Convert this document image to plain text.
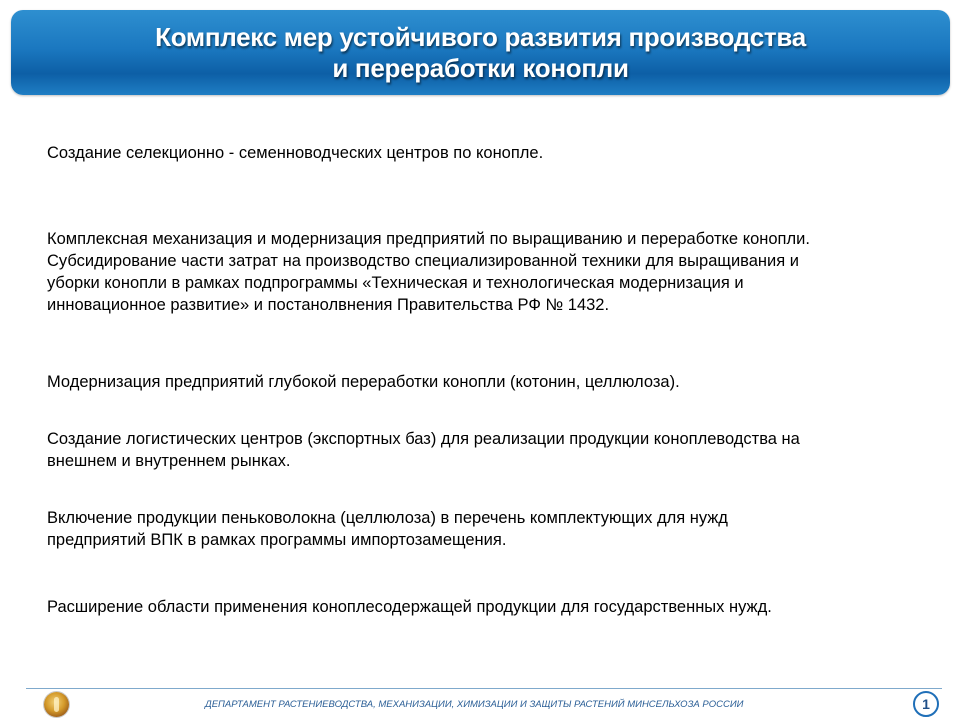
Комплекс мер устойчивого развития производства
и переработки конопли
Создание селекционно - семенноводческих центров по конопле.
Комплексная механизация и модернизация предприятий по выращиванию и переработке конопли.
Субсидирование части затрат на производство специализированной техники для выращивания и
уборки конопли в рамках подпрограммы «Техническая и технологическая модернизация и
инновационное развитие» и постанолвнения Правительства РФ № 1432.
Модернизация предприятий глубокой переработки конопли (котонин, целлюлоза).
Создание логистических центров (экспортных баз) для реализации продукции коноплеводства на
внешнем и внутреннем рынках.
Включение продукции пеньковолокна (целлюлоза) в перечень комплектующих для нужд
предприятий ВПК в рамках программы импортозамещения.
Расширение области применения коноплесодержащей продукции для государственных нужд.
ДЕПАРТАМЕНТ РАСТЕНИЕВОДСТВА, МЕХАНИЗАЦИИ, ХИМИЗАЦИИ И ЗАЩИТЫ РАСТЕНИЙ МИНСЕЛЬХОЗА РОССИИ	1
